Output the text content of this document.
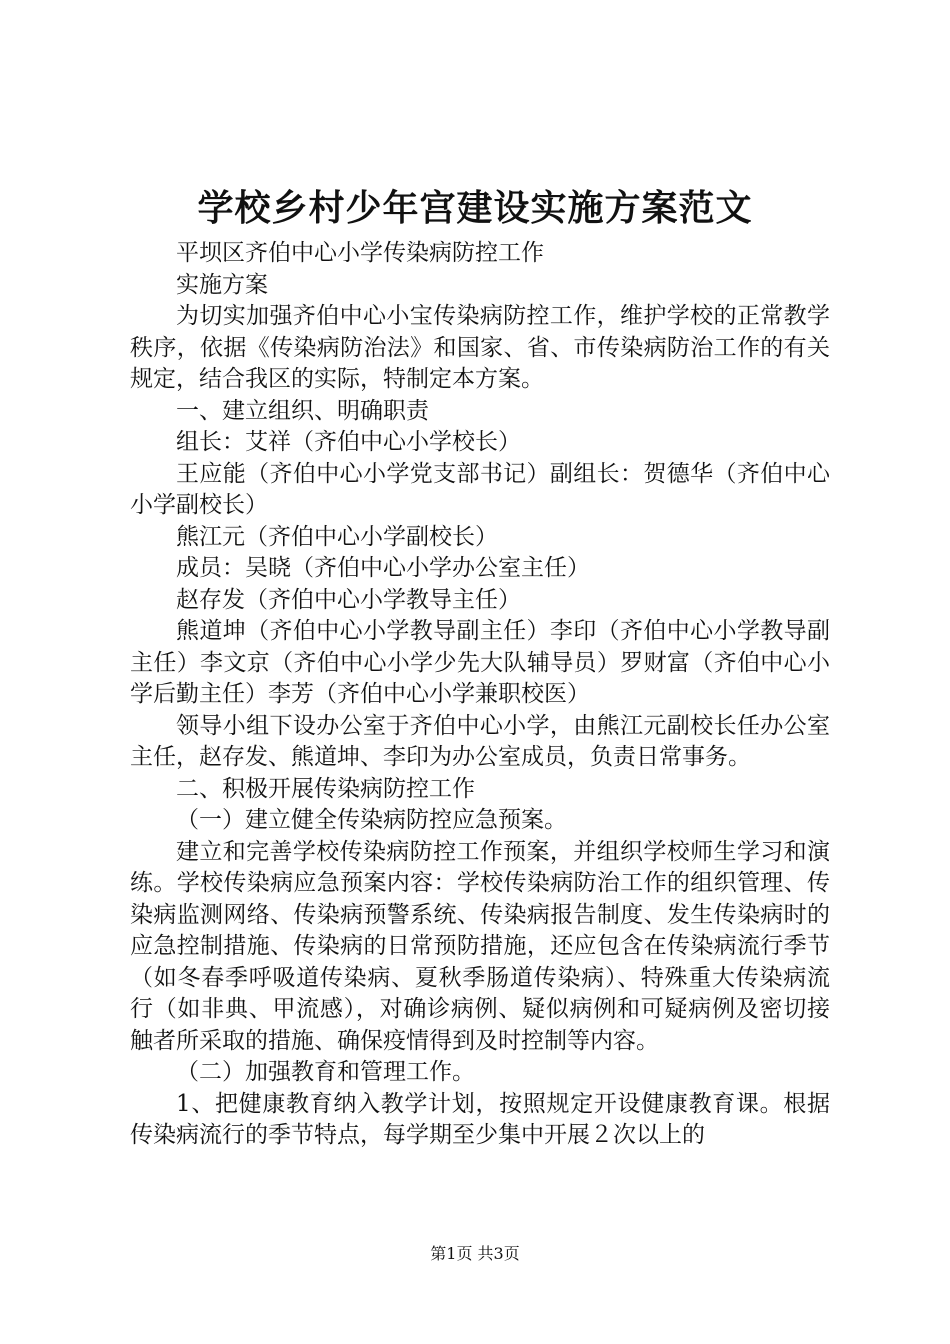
学校乡村少年宫建设实施方案范文

平坝区齐伯中心小学传染病防控工作

实施方案

为切实加强齐伯中心小宝传染病防控工作，维护学校的正常教学秩序，依据《传染病防治法》和国家、省、市传染病防治工作的有关规定，结合我区的实际，特制定本方案。

一、建立组织、明确职责

组长：艾祥（齐伯中心小学校长）

王应能（齐伯中心小学党支部书记）副组长：贺德华（齐伯中心小学副校长）

熊江元（齐伯中心小学副校长）

成员：吴晓（齐伯中心小学办公室主任）

赵存发（齐伯中心小学教导主任）

熊道坤（齐伯中心小学教导副主任）李印（齐伯中心小学教导副主任）李文京（齐伯中心小学少先大队辅导员）罗财富（齐伯中心小学后勤主任）李芳（齐伯中心小学兼职校医）

领导小组下设办公室于齐伯中心小学，由熊江元副校长任办公室主任，赵存发、熊道坤、李印为办公室成员，负责日常事务。

二、积极开展传染病防控工作

（一）建立健全传染病防控应急预案。

建立和完善学校传染病防控工作预案，并组织学校师生学习和演练。学校传染病应急预案内容：学校传染病防治工作的组织管理、传染病监测网络、传染病预警系统、传染病报告制度、发生传染病时的应急控制措施、传染病的日常预防措施，还应包含在传染病流行季节（如冬春季呼吸道传染病、夏秋季肠道传染病）、特殊重大传染病流行（如非典、甲流感），对确诊病例、疑似病例和可疑病例及密切接触者所采取的措施、确保疫情得到及时控制等内容。

（二）加强教育和管理工作。

1、把健康教育纳入教学计划，按照规定开设健康教育课。根据传染病流行的季节特点，每学期至少集中开展２次以上的

第1页 共3页
